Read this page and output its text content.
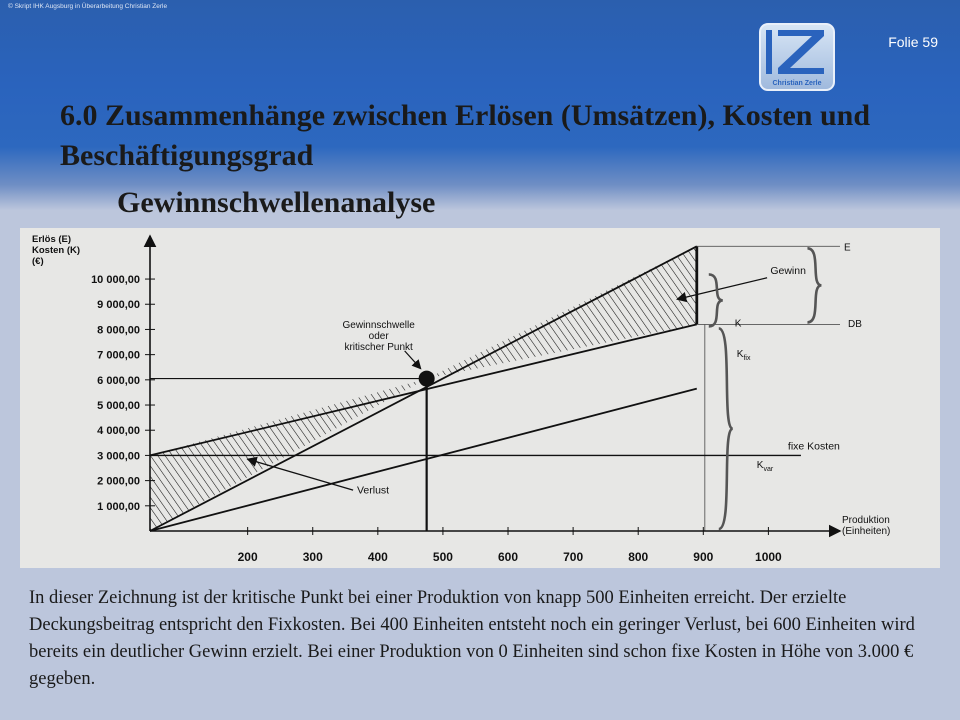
© Skript IHK Augsburg in Überarbeitung Christian Zerle
Folie 59
Christian Zerle
6.0 Zusammenhänge zwischen Erlösen (Umsätzen), Kosten und Beschäftigungsgrad
Gewinnschwellenanalyse
1 000,00
2 000,00
3 000,00
4 000,00
5 000,00
6 000,00
7 000,00
8 000,00
9 000,00
10 000,00
200	300	400	500	600	700	800	900	1000
Erlös (E)
Kosten (K)
(€)
Produktion
(Einheiten)
E
K
fixe Kosten
Gewinn
DB
$K_{fix}$
$K_{var}$
Gewinnschwelle
oder
kritischer Punkt
Verlust

In dieser Zeichnung ist der kritische Punkt bei einer Produktion von knapp 500 Einheiten erreicht. Der erzielte Deckungsbeitrag entspricht den Fixkosten. Bei 400 Einheiten entsteht noch ein geringer Verlust, bei 600 Einheiten wird bereits ein deutlicher Gewinn erzielt. Bei einer Produktion von 0 Einheiten sind schon fixe Kosten in Höhe von 3.000 € gegeben.
